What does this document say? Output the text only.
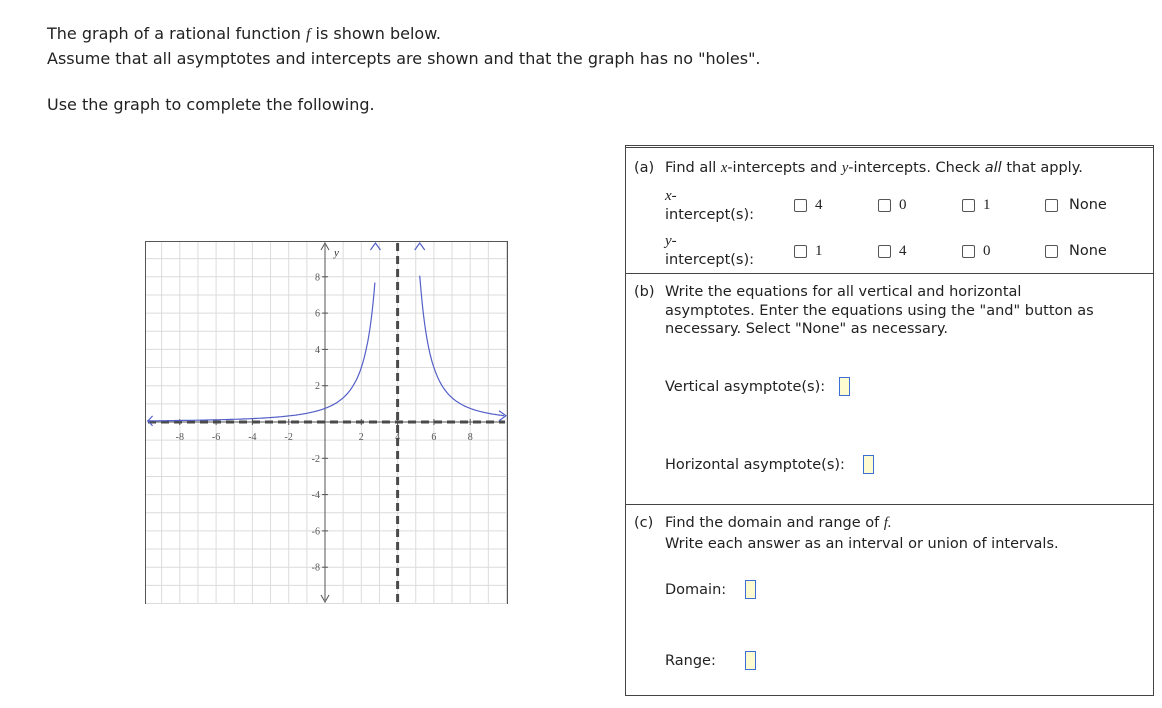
The graph of a rational function f is shown below.

Assume that all asymptotes and intercepts are shown and that the graph has no "holes".

Use the graph to complete the following.

y
-8	-6	-4	-2	2	4	6	8
8
6
4
2
-2
-4
-6
-8
(a) Find all x-intercepts and y-intercepts. Check all that apply.
x-
intercept(s):
4	0	1	None
y-
intercept(s):
1	4	0	None
(b) Write the equations for all vertical and horizontal
asymptotes. Enter the equations using the "and" button as
necessary. Select "None" as necessary.
Vertical asymptote(s):
Horizontal asymptote(s):
(c) Find the domain and range of f.
Write each answer as an interval or union of intervals.
Domain:
Range:
